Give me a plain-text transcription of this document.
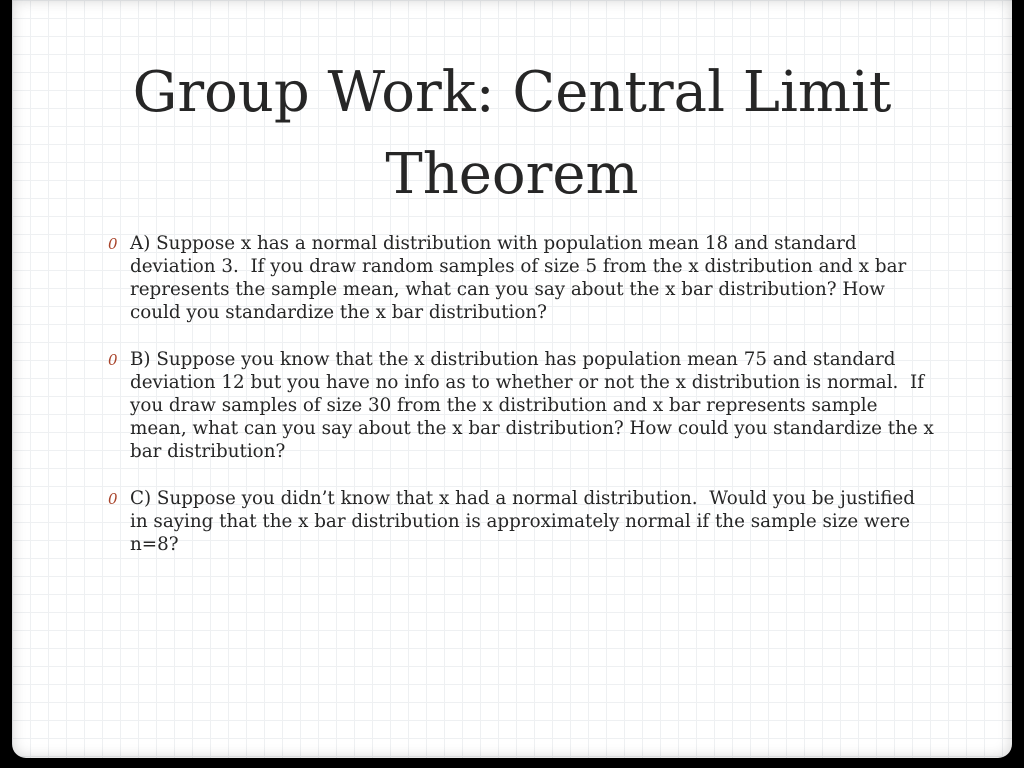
Group Work: Central Limit Theorem
0 A) Suppose x has a normal distribution with population mean 18 and standard deviation 3.  If you draw random samples of size 5 from the x distribution and x bar represents the sample mean, what can you say about the x bar distribution? How could you standardize the x bar distribution?
0 B) Suppose you know that the x distribution has population mean 75 and standard deviation 12 but you have no info as to whether or not the x distribution is normal.  If you draw samples of size 30 from the x distribution and x bar represents sample mean, what can you say about the x bar distribution? How could you standardize the x bar distribution?
0 C) Suppose you didn’t know that x had a normal distribution.  Would you be justified in saying that the x bar distribution is approximately normal if the sample size were n=8?
